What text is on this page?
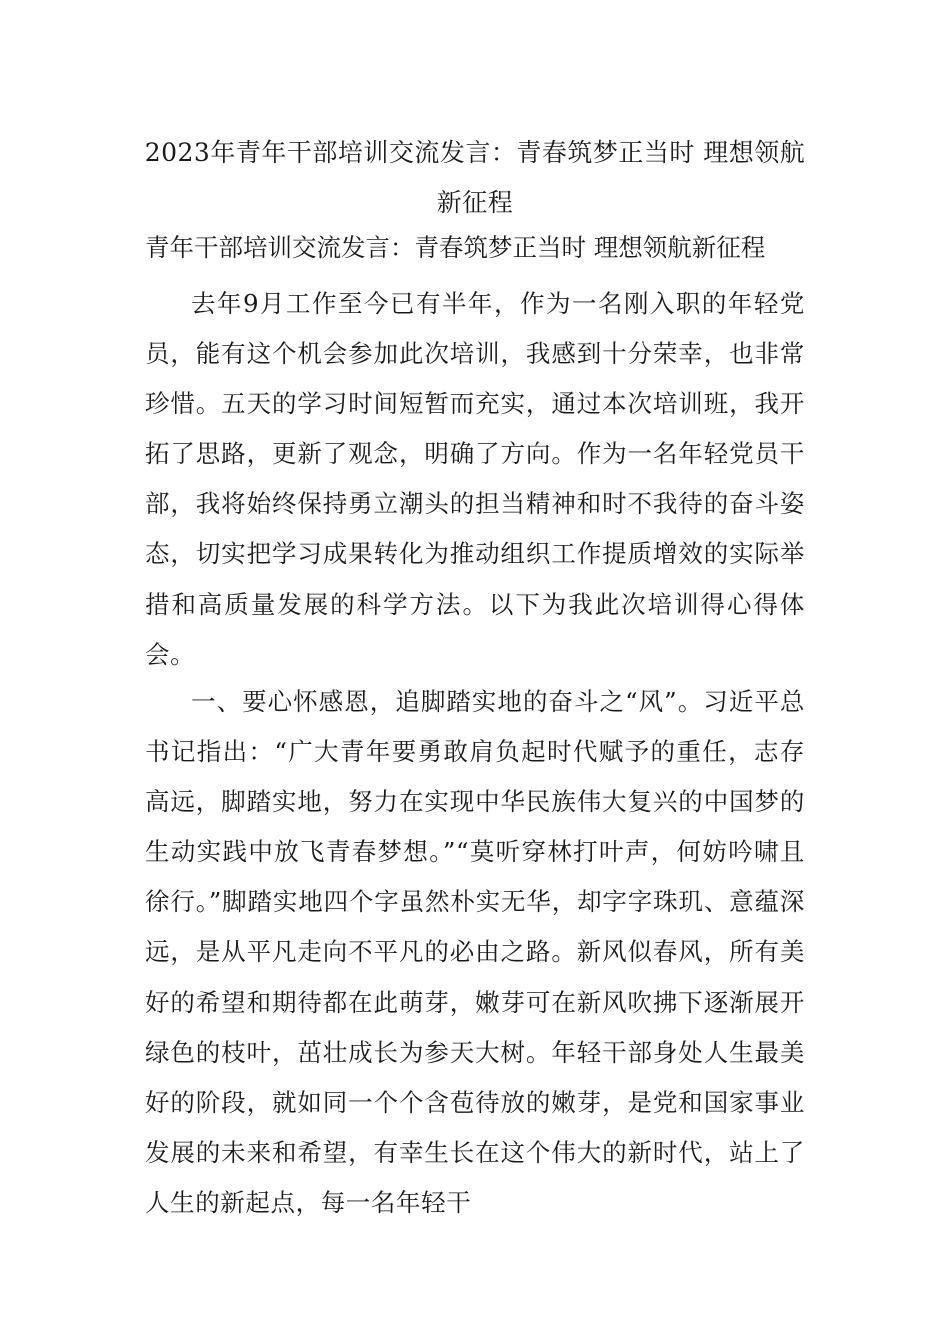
2023年青年干部培训交流发言：青春筑梦正当时 理想领航新征程

青年干部培训交流发言：青春筑梦正当时 理想领航新征程

去年9月工作至今已有半年，作为一名刚入职的年轻党员，能有这个机会参加此次培训，我感到十分荣幸，也非常珍惜。五天的学习时间短暂而充实，通过本次培训班，我开拓了思路，更新了观念，明确了方向。作为一名年轻党员干部，我将始终保持勇立潮头的担当精神和时不我待的奋斗姿态，切实把学习成果转化为推动组织工作提质增效的实际举措和高质量发展的科学方法。以下为我此次培训得心得体会。

一、要心怀感恩，追脚踏实地的奋斗之“风”。习近平总书记指出：“广大青年要勇敢肩负起时代赋予的重任，志存高远，脚踏实地，努力在实现中华民族伟大复兴的中国梦的生动实践中放飞青春梦想。”“莫听穿林打叶声，何妨吟啸且徐行。”脚踏实地四个字虽然朴实无华，却字字珠玑、意蕴深远，是从平凡走向不平凡的必由之路。新风似春风，所有美好的希望和期待都在此萌芽，嫩芽可在新风吹拂下逐渐展开绿色的枝叶，茁壮成长为参天大树。年轻干部身处人生最美好的阶段，就如同一个个含苞待放的嫩芽，是党和国家事业发展的未来和希望，有幸生长在这个伟大的新时代，站上了人生的新起点，每一名年轻干
